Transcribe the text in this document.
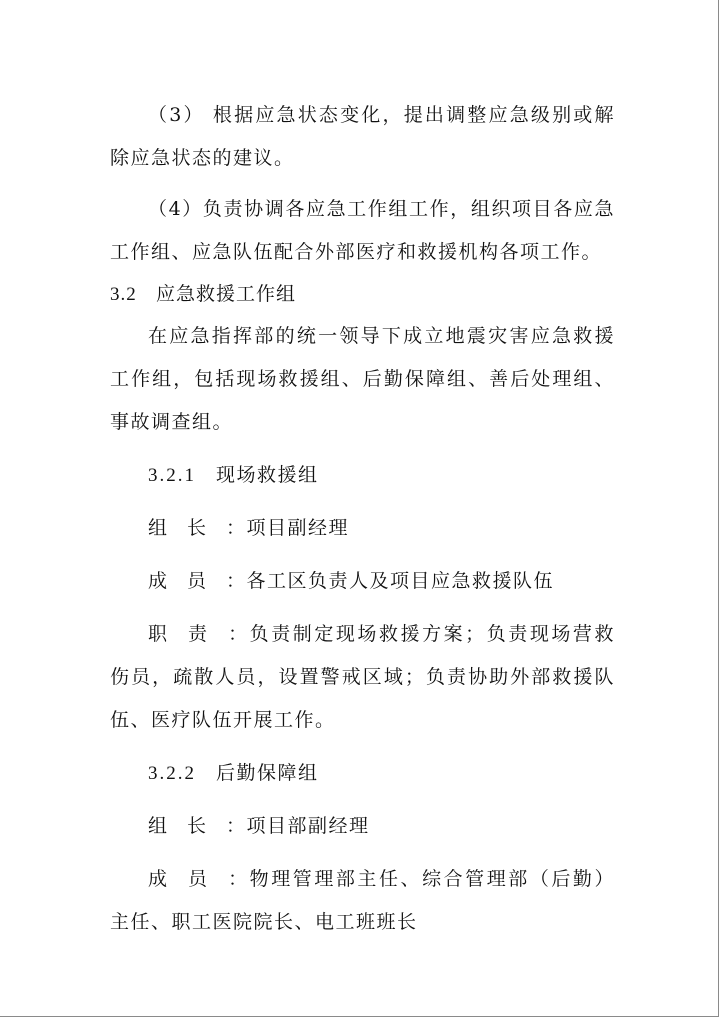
（3） 根据应急状态变化，提出调整应急级别或解除应急状态的建议。

（4）负责协调各应急工作组工作，组织项目各应急工作组、应急队伍配合外部医疗和救援机构各项工作。

3.2 应急救援工作组

在应急指挥部的统一领导下成立地震灾害应急救援工作组，包括现场救援组、后勤保障组、善后处理组、事故调查组。

3.2.1 现场救援组
组长：项目副经理
成员：各工区负责人及项目应急救援队伍
职责：负责制定现场救援方案；负责现场营救伤员，疏散人员，设置警戒区域；负责协助外部救援队伍、医疗队伍开展工作。
3.2.2 后勤保障组
组长：项目部副经理
成员：物理管理部主任、综合管理部（后勤）主任、职工医院院长、电工班班长
